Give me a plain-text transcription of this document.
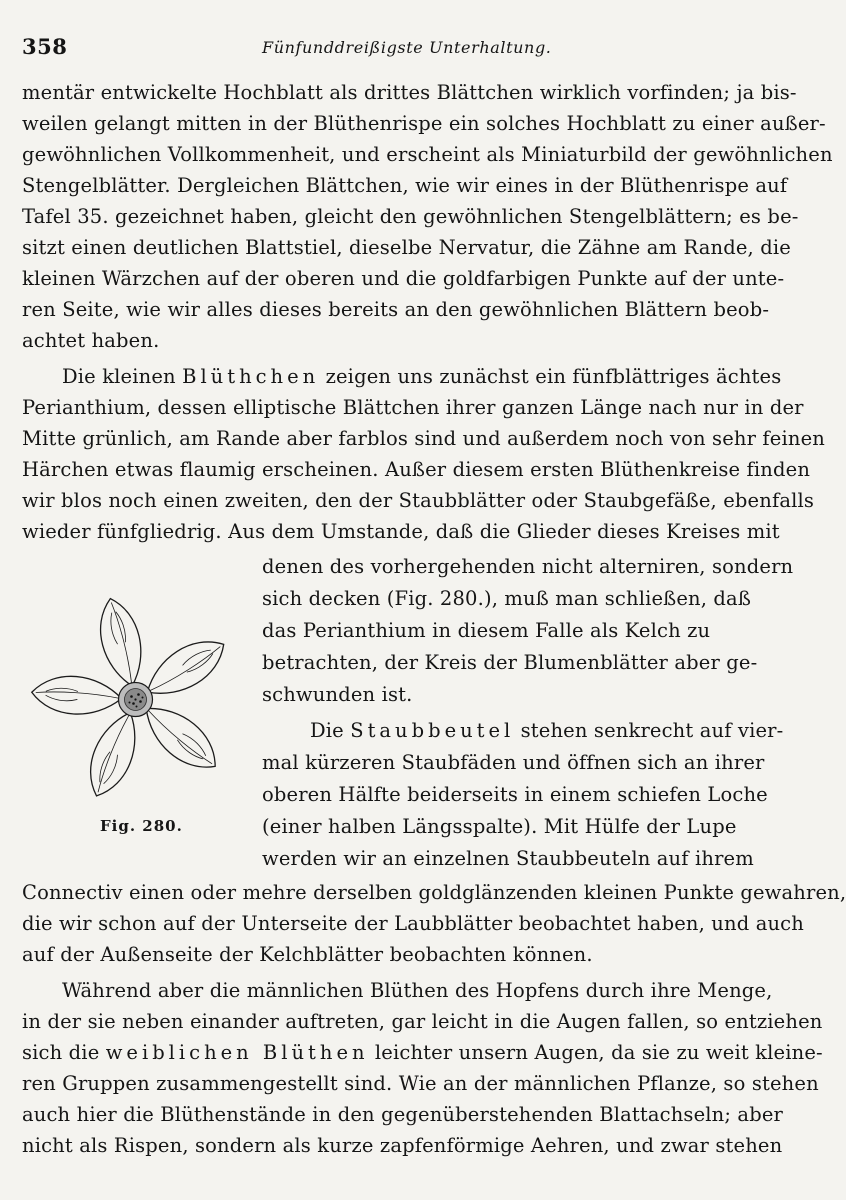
358	Fünfunddreißigste Unterhaltung.
mentär entwickelte Hochblatt als drittes Blättchen wirklich vorfinden; ja bis-
weilen gelangt mitten in der Blüthenrispe ein solches Hochblatt zu einer außer-
gewöhnlichen Vollkommenheit, und erscheint als Miniaturbild der gewöhnlichen
Stengelblätter. Dergleichen Blättchen, wie wir eines in der Blüthenrispe auf
Tafel 35. gezeichnet haben, gleicht den gewöhnlichen Stengelblättern; es be-
sitzt einen deutlichen Blattstiel, dieselbe Nervatur, die Zähne am Rande, die
kleinen Wärzchen auf der oberen und die goldfarbigen Punkte auf der unte-
ren Seite, wie wir alles dieses bereits an den gewöhnlichen Blättern beob-
achtet haben.
Die kleinen Blüthchen zeigen uns zunächst ein fünfblättriges ächtes
Perianthium, dessen elliptische Blättchen ihrer ganzen Länge nach nur in der
Mitte grünlich, am Rande aber farblos sind und außerdem noch von sehr feinen
Härchen etwas flaumig erscheinen. Außer diesem ersten Blüthenkreise finden
wir blos noch einen zweiten, den der Staubblätter oder Staubgefäße, ebenfalls
wieder fünfgliedrig. Aus dem Umstande, daß die Glieder dieses Kreises mit
denen des vorhergehenden nicht alterniren, sondern
sich decken (Fig. 280.), muß man schließen, daß
das Perianthium in diesem Falle als Kelch zu
betrachten, der Kreis der Blumenblätter aber ge-
schwunden ist.
Die Staubbeutel stehen senkrecht auf vier-
mal kürzeren Staubfäden und öffnen sich an ihrer
oberen Hälfte beiderseits in einem schiefen Loche
(einer halben Längsspalte). Mit Hülfe der Lupe
werden wir an einzelnen Staubbeuteln auf ihrem
Connectiv einen oder mehre derselben goldglänzenden kleinen Punkte gewahren,
die wir schon auf der Unterseite der Laubblätter beobachtet haben, und auch
auf der Außenseite der Kelchblätter beobachten können.
Fig. 280.
Während aber die männlichen Blüthen des Hopfens durch ihre Menge,
in der sie neben einander auftreten, gar leicht in die Augen fallen, so entziehen
sich die weiblichen Blüthen leichter unsern Augen, da sie zu weit kleine-
ren Gruppen zusammengestellt sind. Wie an der männlichen Pflanze, so stehen
auch hier die Blüthenstände in den gegenüberstehenden Blattachseln; aber
nicht als Rispen, sondern als kurze zapfenförmige Aehren, und zwar stehen
